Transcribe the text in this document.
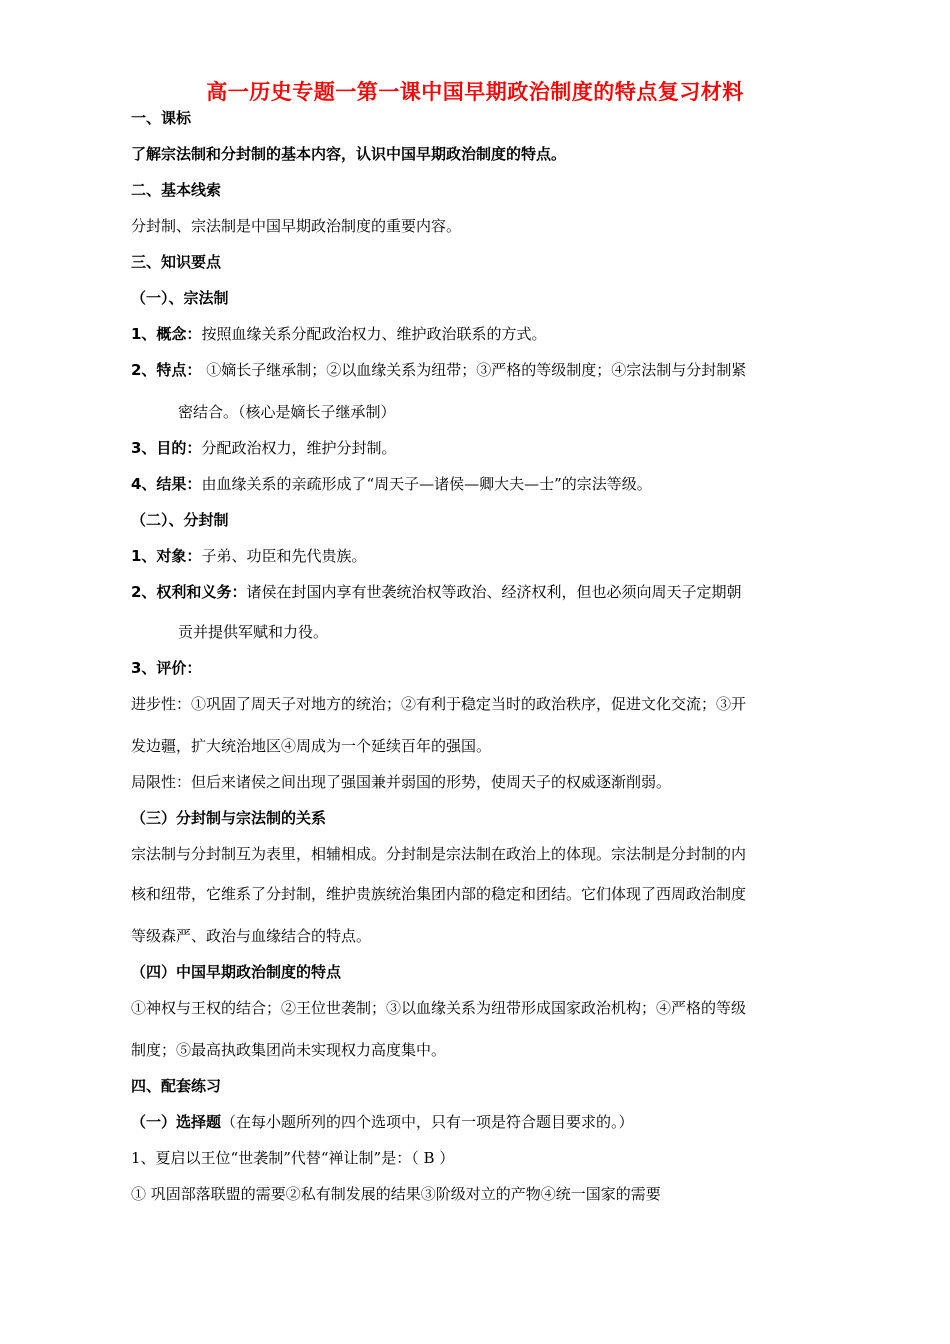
高一历史专题一第一课中国早期政治制度的特点复习材料
一、课标
了解宗法制和分封制的基本内容，认识中国早期政治制度的特点。
二、基本线索
分封制、宗法制是中国早期政治制度的重要内容。
三、知识要点
（一）、宗法制
1、概念：按照血缘关系分配政治权力、维护政治联系的方式。
2、特点： ①嫡长子继承制；②以血缘关系为纽带；③严格的等级制度；④宗法制与分封制紧
密结合。（核心是嫡长子继承制）
3、目的：分配政治权力，维护分封制。
4、结果：由血缘关系的亲疏形成了“周天子—诸侯—卿大夫—士”的宗法等级。
（二）、分封制
1、对象：子弟、功臣和先代贵族。
2、权利和义务：诸侯在封国内享有世袭统治权等政治、经济权利，但也必须向周天子定期朝
贡并提供军赋和力役。
3、评价：
进步性：①巩固了周天子对地方的统治；②有利于稳定当时的政治秩序，促进文化交流；③开
发边疆，扩大统治地区④周成为一个延续百年的强国。
局限性：但后来诸侯之间出现了强国兼并弱国的形势，使周天子的权威逐渐削弱。
（三）分封制与宗法制的关系
宗法制与分封制互为表里，相辅相成。分封制是宗法制在政治上的体现。宗法制是分封制的内
核和纽带，它维系了分封制，维护贵族统治集团内部的稳定和团结。它们体现了西周政治制度
等级森严、政治与血缘结合的特点。
（四）中国早期政治制度的特点
①神权与王权的结合；②王位世袭制；③以血缘关系为纽带形成国家政治机构；④严格的等级
制度；⑤最高执政集团尚未实现权力高度集中。
四、配套练习
（一）选择题（在每小题所列的四个选项中，只有一项是符合题目要求的。）
1、夏启以王位“世袭制”代替“禅让制”是：（ B ）
① 巩固部落联盟的需要②私有制发展的结果③阶级对立的产物④统一国家的需要
